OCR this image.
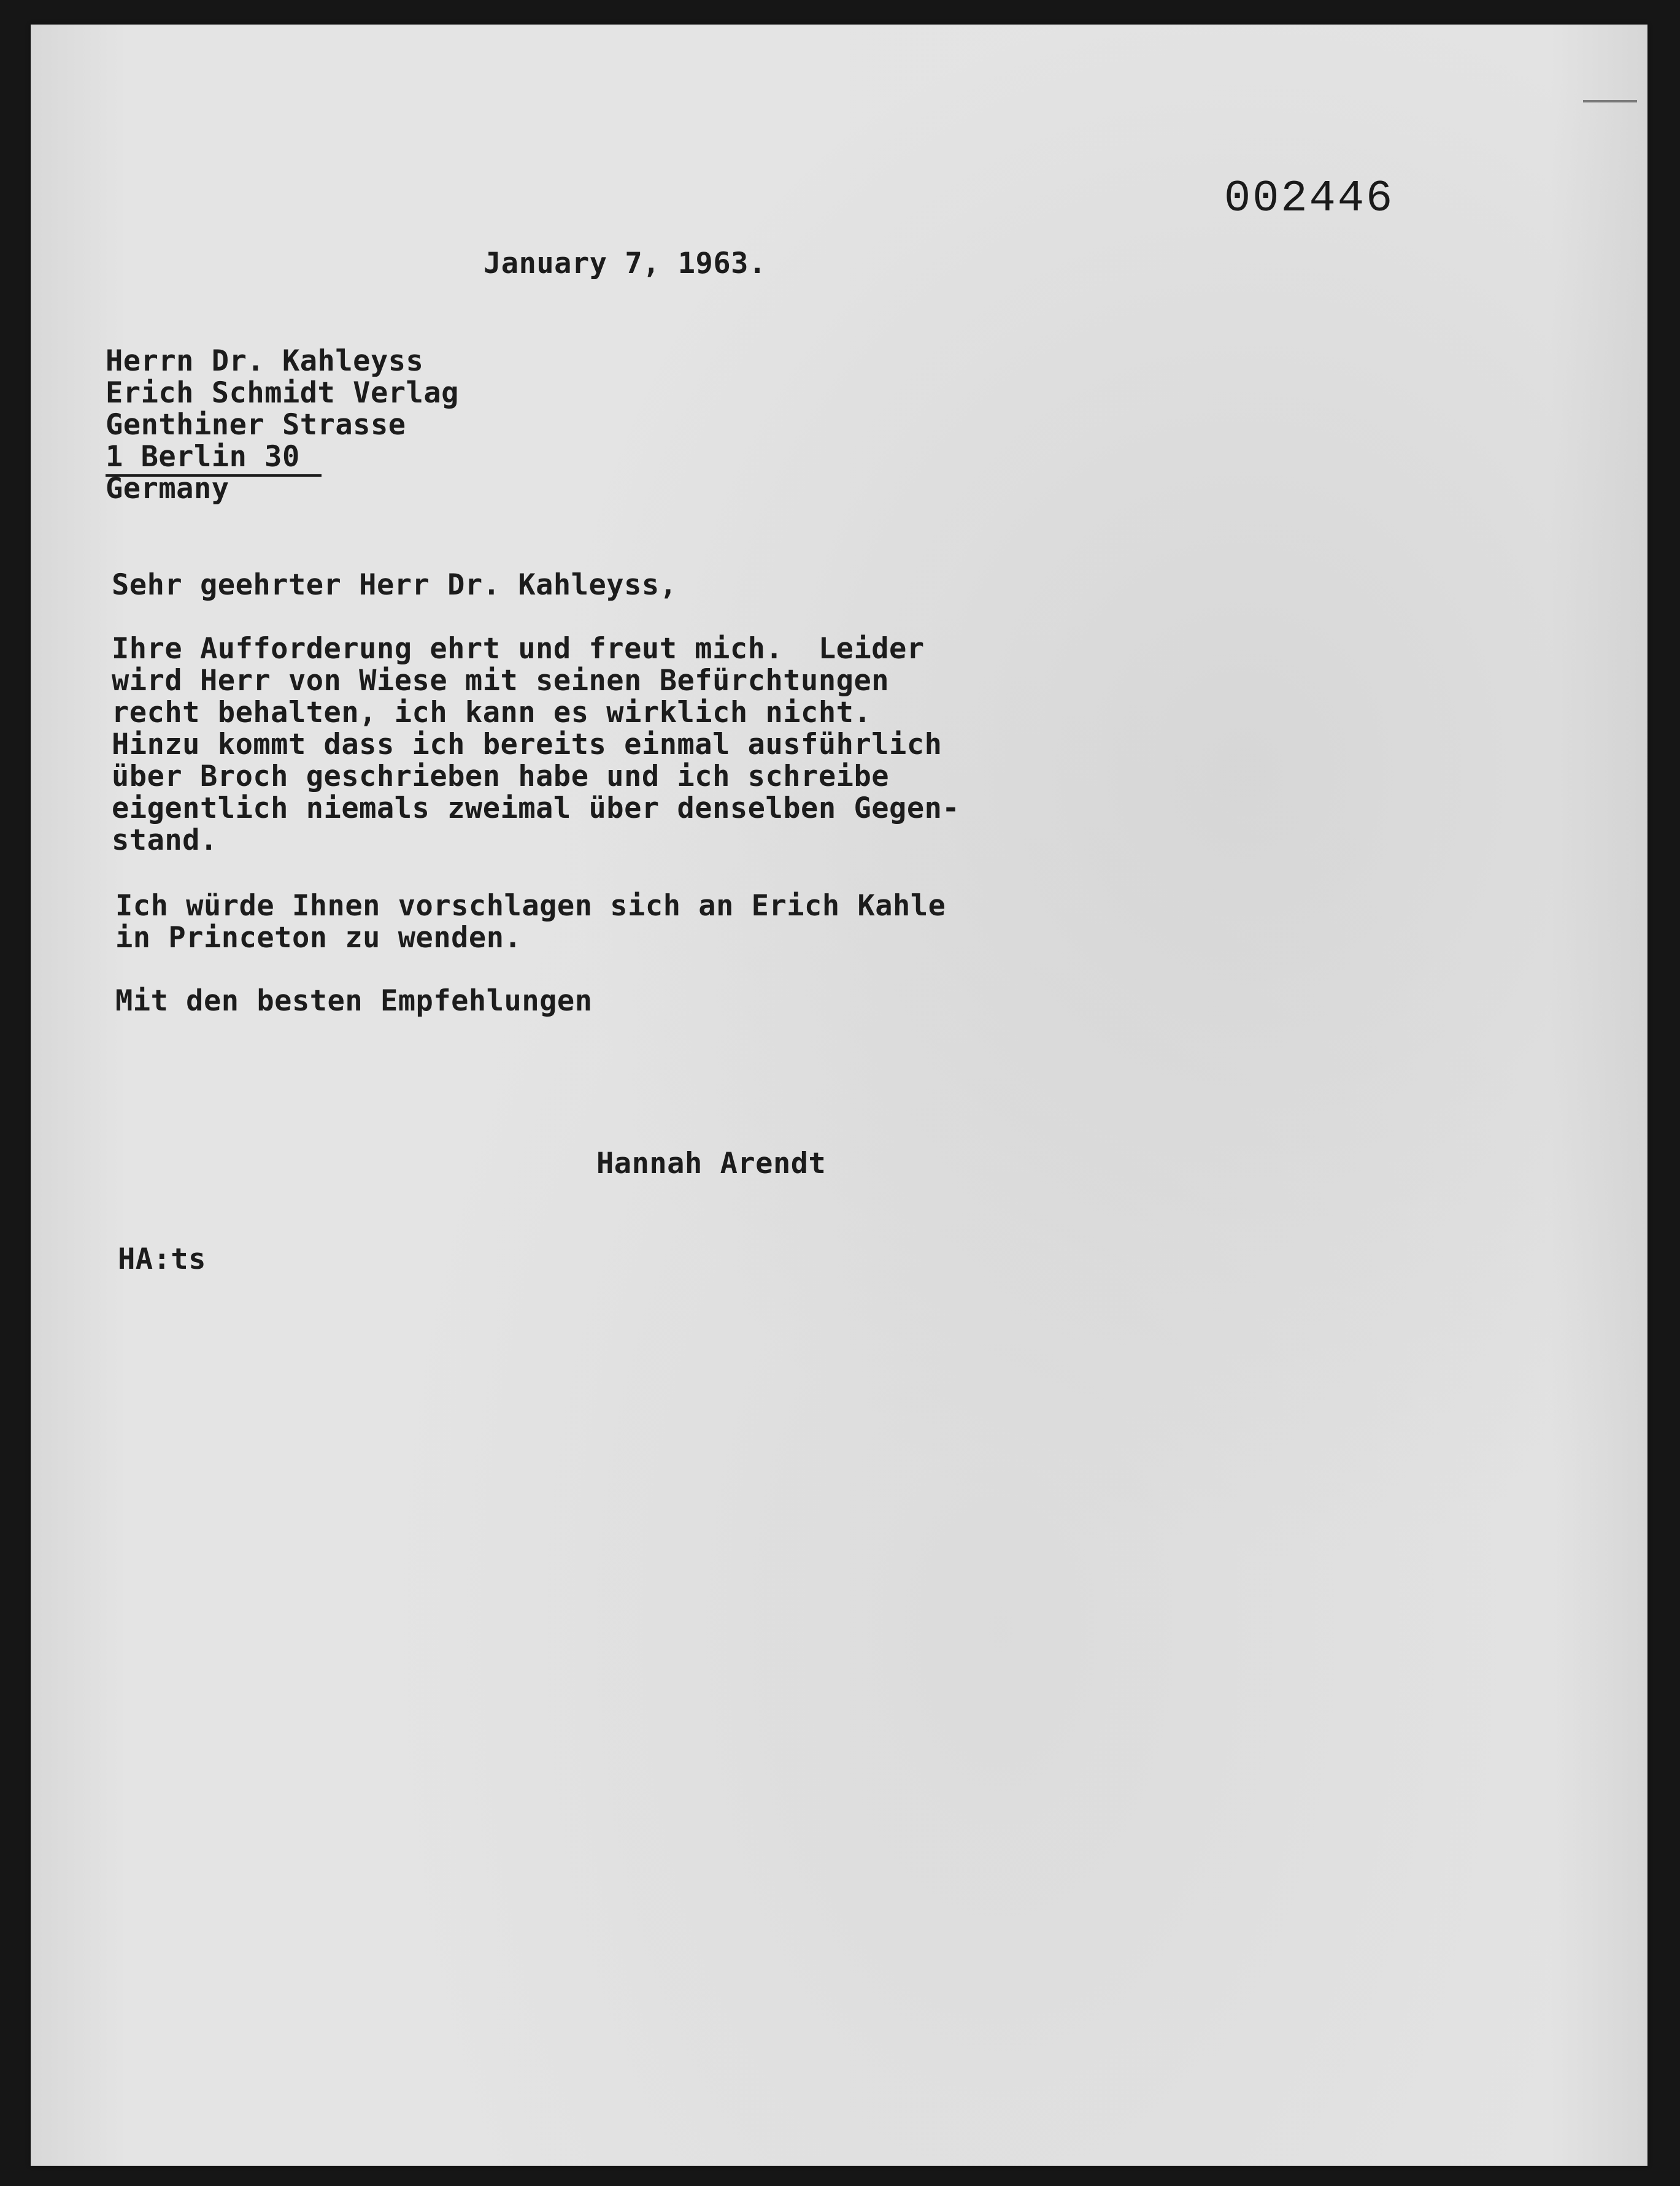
002446
January 7, 1963.
Herrn Dr. Kahleyss
Erich Schmidt Verlag
Genthiner Strasse
1 Berlin 30
Germany
Sehr geehrter Herr Dr. Kahleyss,
Ihre Aufforderung ehrt und freut mich.  Leider
wird Herr von Wiese mit seinen Befürchtungen
recht behalten, ich kann es wirklich nicht.
Hinzu kommt dass ich bereits einmal ausführlich
über Broch geschrieben habe und ich schreibe
eigentlich niemals zweimal über denselben Gegen-
stand.
Ich würde Ihnen vorschlagen sich an Erich Kahle
in Princeton zu wenden.
Mit den besten Empfehlungen
Hannah Arendt
HA:ts
